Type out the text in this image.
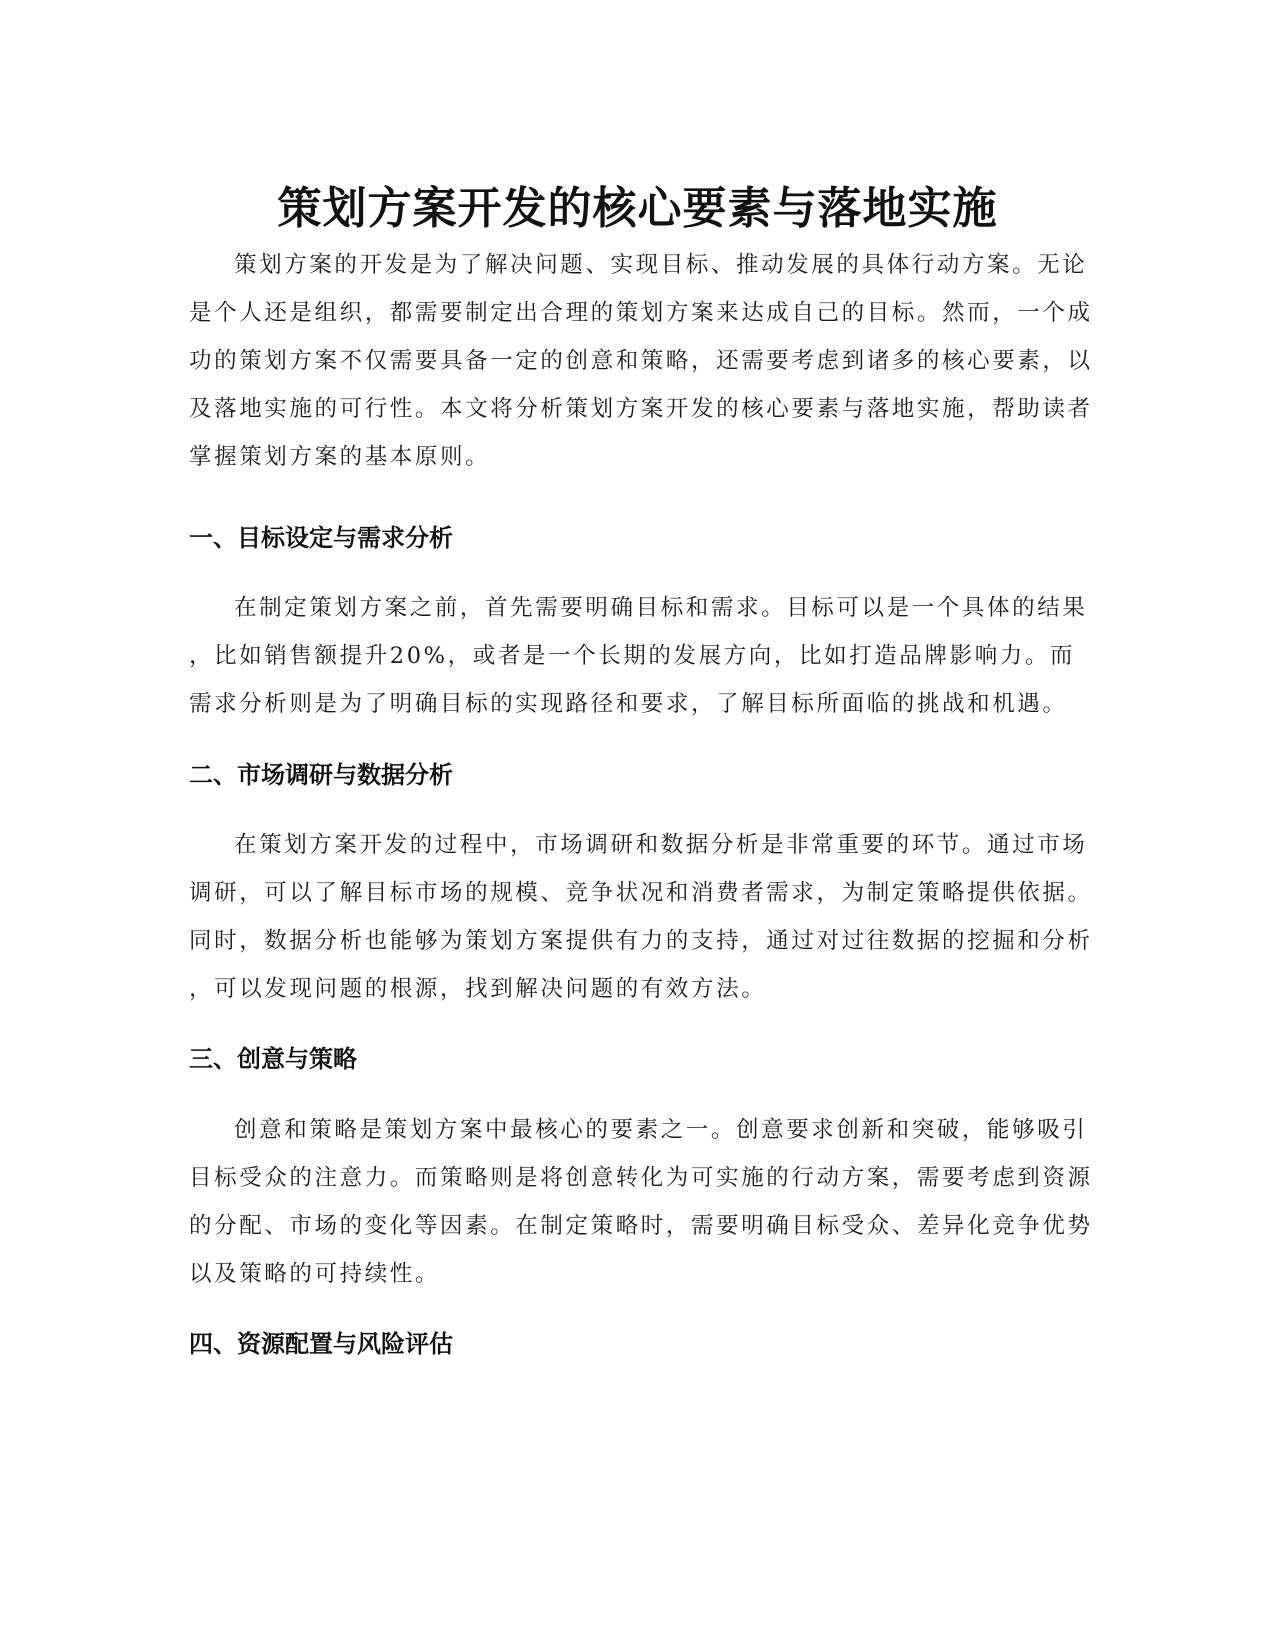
策划方案开发的核心要素与落地实施

策划方案的开发是为了解决问题、实现目标、推动发展的具体行动方案。无论
是个人还是组织，都需要制定出合理的策划方案来达成自己的目标。然而，一个成
功的策划方案不仅需要具备一定的创意和策略，还需要考虑到诸多的核心要素，以
及落地实施的可行性。本文将分析策划方案开发的核心要素与落地实施，帮助读者
掌握策划方案的基本原则。

一、目标设定与需求分析

在制定策划方案之前，首先需要明确目标和需求。目标可以是一个具体的结果
，比如销售额提升20%，或者是一个长期的发展方向，比如打造品牌影响力。而
需求分析则是为了明确目标的实现路径和要求，了解目标所面临的挑战和机遇。

二、市场调研与数据分析

在策划方案开发的过程中，市场调研和数据分析是非常重要的环节。通过市场
调研，可以了解目标市场的规模、竞争状况和消费者需求，为制定策略提供依据。
同时，数据分析也能够为策划方案提供有力的支持，通过对过往数据的挖掘和分析
，可以发现问题的根源，找到解决问题的有效方法。

三、创意与策略

创意和策略是策划方案中最核心的要素之一。创意要求创新和突破，能够吸引
目标受众的注意力。而策略则是将创意转化为可实施的行动方案，需要考虑到资源
的分配、市场的变化等因素。在制定策略时，需要明确目标受众、差异化竞争优势
以及策略的可持续性。

四、资源配置与风险评估
